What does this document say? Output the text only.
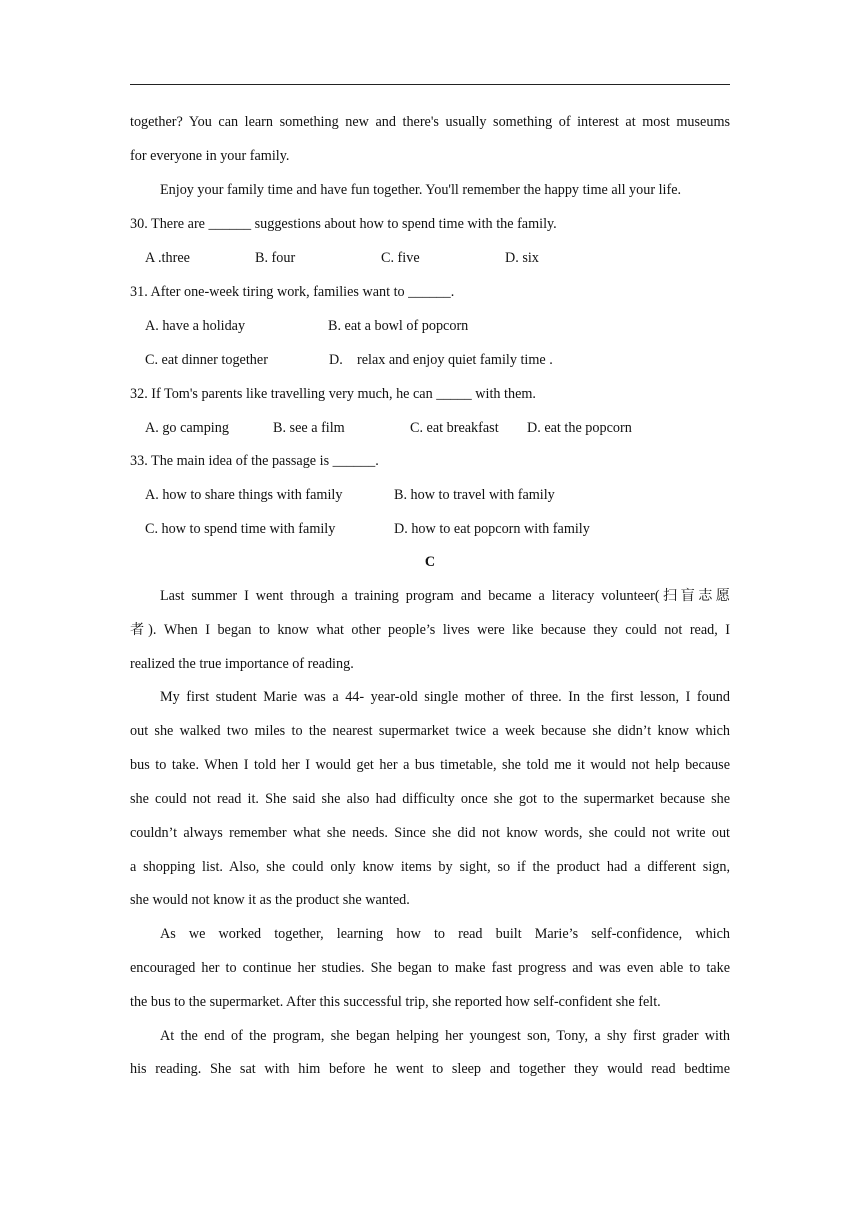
together? You can learn something new and there's usually something of interest at most museums
for everyone in your family.
Enjoy your family time and have fun together. You'll remember the happy time all your life.
30. There are ______ suggestions about how to spend time with the family.
A .three	B. four	C. five	D. six
31. After one-week tiring work, families want to ______.
A. have a holiday	B. eat a bowl of popcorn
C. eat dinner together	D.    relax and enjoy quiet family time .
32. If Tom's parents like travelling very much, he can _____ with them.
A. go camping	B. see a film	C. eat breakfast D. eat the popcorn
33. The main idea of the passage is ______.
A. how to share things with family	B. how to travel with family
C. how to spend time with family	D. how to eat popcorn with family
C
Last summer I went through a training program and became a literacy volunteer(扫盲志愿
者). When I began to know what other people’s lives were like because they could not read, I
realized the true importance of reading.
My first student Marie was a 44- year-old single mother of three. In the first lesson, I found
out she walked two miles to the nearest supermarket twice a week because she didn’t know which
bus to take. When I told her I would get her a bus timetable, she told me it would not help because
she could not read it. She said she also had difficulty once she got to the supermarket because she
couldn’t always remember what she needs. Since she did not know words, she could not write out
a shopping list. Also, she could only know items by sight, so if the product had a different sign,
she would not know it as the product she wanted.
As we worked together, learning how to read built Marie’s self-confidence, which
encouraged her to continue her studies. She began to make fast progress and was even able to take
the bus to the supermarket. After this successful trip, she reported how self-confident she felt.
At the end of the program, she began helping her youngest son, Tony, a shy first grader with
his reading. She sat with him before he went to sleep and together they would read bedtime
